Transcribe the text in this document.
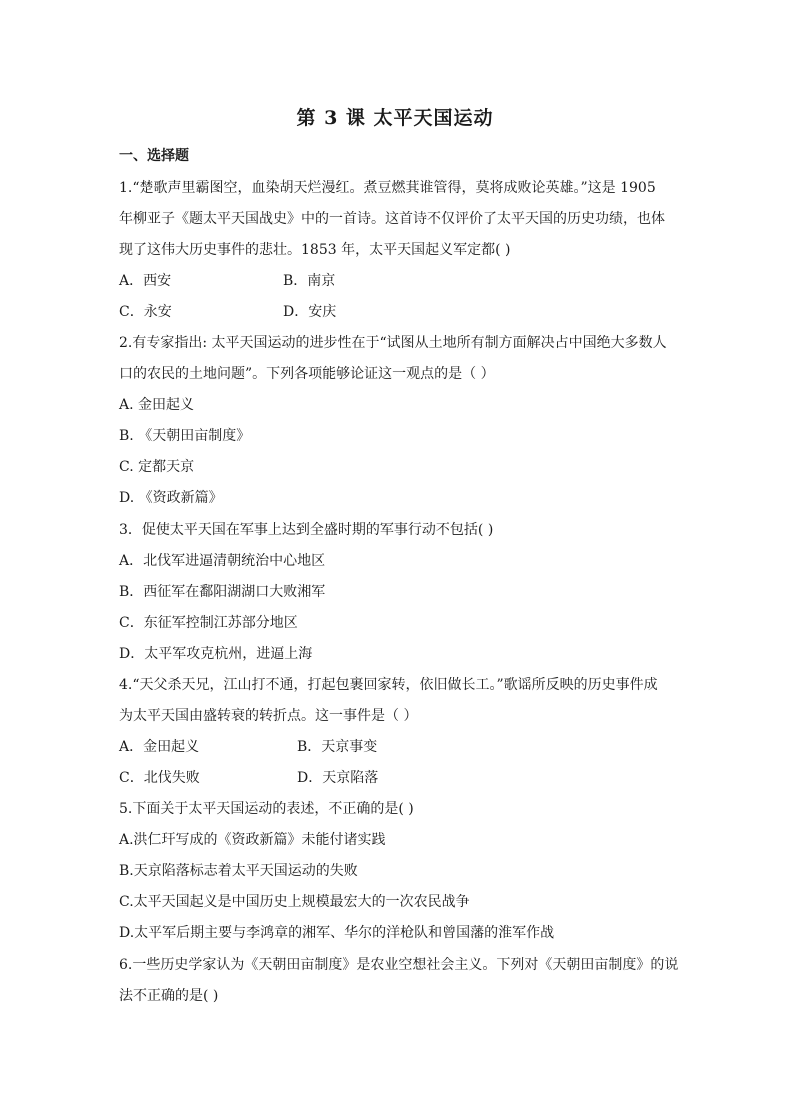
第 3 课 太平天国运动
一、选择题
1.“楚歌声里霸图空，血染胡天烂漫红。煮豆燃萁谁管得，莫将成败论英雄。”这是 1905
年柳亚子《题太平天国战史》中的一首诗。这首诗不仅评价了太平天国的历史功绩，也体
现了这伟大历史事件的悲壮。1853 年，太平天国起义军定都( )
A．西安	B．南京
C．永安	D．安庆
2.有专家指出: 太平天国运动的进步性在于“试图从土地所有制方面解决占中国绝大多数人
口的农民的土地问题”。下列各项能够论证这一观点的是（ ）
A. 金田起义
B. 《天朝田亩制度》
C. 定都天京
D. 《资政新篇》
3．促使太平天国在军事上达到全盛时期的军事行动不包括( )
A．北伐军进逼清朝统治中心地区
B．西征军在鄱阳湖湖口大败湘军
C．东征军控制江苏部分地区
D．太平军攻克杭州，进逼上海
4.“天父杀天兄，江山打不通，打起包裹回家转，依旧做长工。”歌谣所反映的历史事件成
为太平天国由盛转衰的转折点。这一事件是（ ）
A．金田起义	B．天京事变
C．北伐失败	D．天京陷落
5.下面关于太平天国运动的表述，不正确的是( )
A.洪仁玕写成的《资政新篇》未能付诸实践
B.天京陷落标志着太平天国运动的失败
C.太平天国起义是中国历史上规模最宏大的一次农民战争
D.太平军后期主要与李鸿章的湘军、华尔的洋枪队和曾国藩的淮军作战
6.一些历史学家认为《天朝田亩制度》是农业空想社会主义。下列对《天朝田亩制度》的说
法不正确的是( )
